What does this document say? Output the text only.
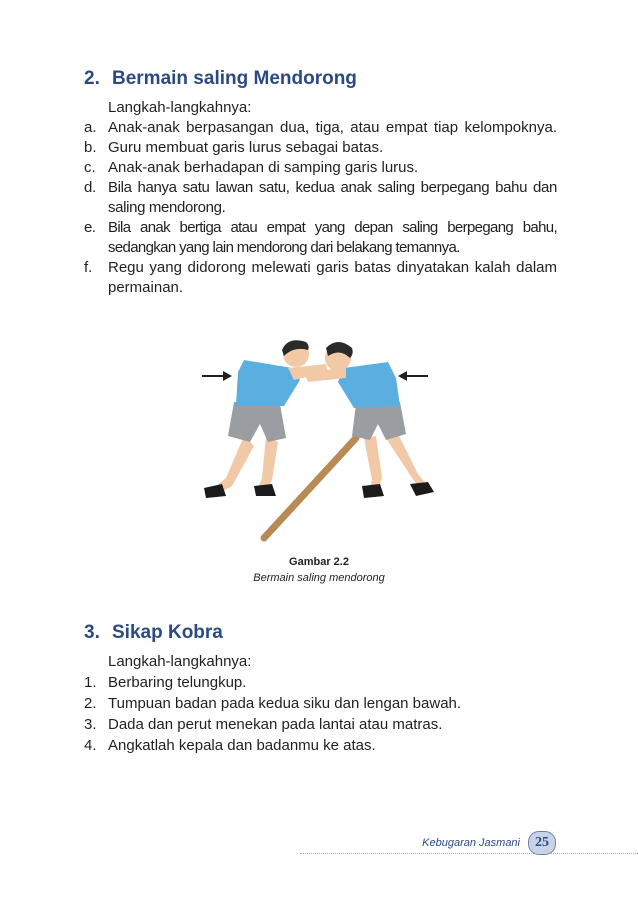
2. Bermain saling Mendorong
Langkah-langkahnya:
a. Anak-anak berpasangan dua, tiga, atau empat tiap kelompoknya.
b. Guru membuat garis lurus sebagai batas.
c. Anak-anak berhadapan di samping garis lurus.
d. Bila hanya satu lawan satu, kedua anak saling berpegang bahu dan saling mendorong.
e. Bila anak bertiga atau empat yang depan saling berpegang bahu, sedangkan yang lain mendorong dari belakang temannya.
f. Regu yang didorong melewati garis batas dinyatakan kalah dalam permainan.
Gambar 2.2
Bermain saling mendorong
3. Sikap Kobra
Langkah-langkahnya:
1. Berbaring telungkup.
2. Tumpuan badan pada kedua siku dan lengan bawah.
3. Dada dan perut menekan pada lantai atau matras.
4. Angkatlah kepala dan badanmu ke atas.
Kebugaran Jasmani	25
